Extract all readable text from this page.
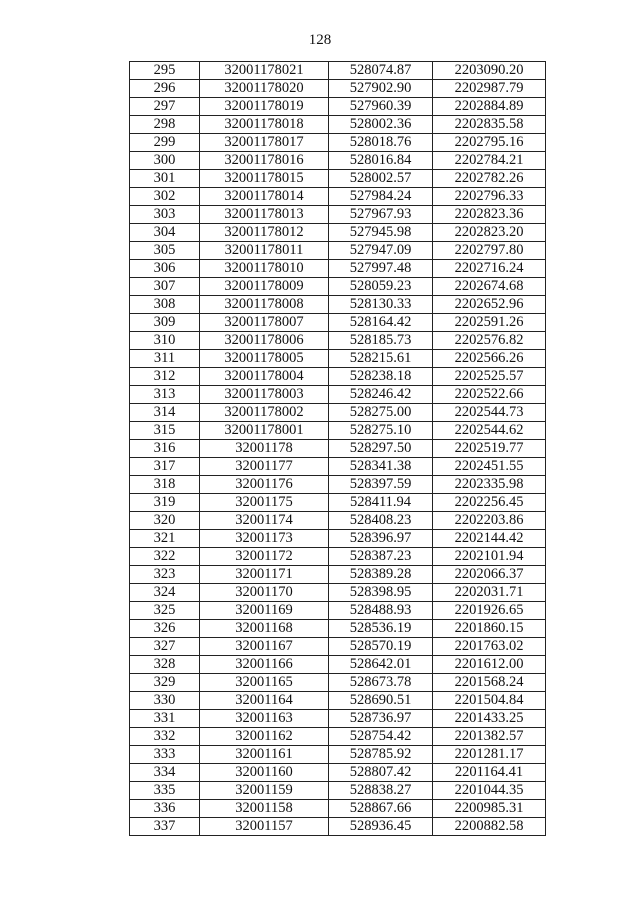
128
295	32001178021	528074.87	2203090.20
296	32001178020	527902.90	2202987.79
297	32001178019	527960.39	2202884.89
298	32001178018	528002.36	2202835.58
299	32001178017	528018.76	2202795.16
300	32001178016	528016.84	2202784.21
301	32001178015	528002.57	2202782.26
302	32001178014	527984.24	2202796.33
303	32001178013	527967.93	2202823.36
304	32001178012	527945.98	2202823.20
305	32001178011	527947.09	2202797.80
306	32001178010	527997.48	2202716.24
307	32001178009	528059.23	2202674.68
308	32001178008	528130.33	2202652.96
309	32001178007	528164.42	2202591.26
310	32001178006	528185.73	2202576.82
311	32001178005	528215.61	2202566.26
312	32001178004	528238.18	2202525.57
313	32001178003	528246.42	2202522.66
314	32001178002	528275.00	2202544.73
315	32001178001	528275.10	2202544.62
316	32001178	528297.50	2202519.77
317	32001177	528341.38	2202451.55
318	32001176	528397.59	2202335.98
319	32001175	528411.94	2202256.45
320	32001174	528408.23	2202203.86
321	32001173	528396.97	2202144.42
322	32001172	528387.23	2202101.94
323	32001171	528389.28	2202066.37
324	32001170	528398.95	2202031.71
325	32001169	528488.93	2201926.65
326	32001168	528536.19	2201860.15
327	32001167	528570.19	2201763.02
328	32001166	528642.01	2201612.00
329	32001165	528673.78	2201568.24
330	32001164	528690.51	2201504.84
331	32001163	528736.97	2201433.25
332	32001162	528754.42	2201382.57
333	32001161	528785.92	2201281.17
334	32001160	528807.42	2201164.41
335	32001159	528838.27	2201044.35
336	32001158	528867.66	2200985.31
337	32001157	528936.45	2200882.58
